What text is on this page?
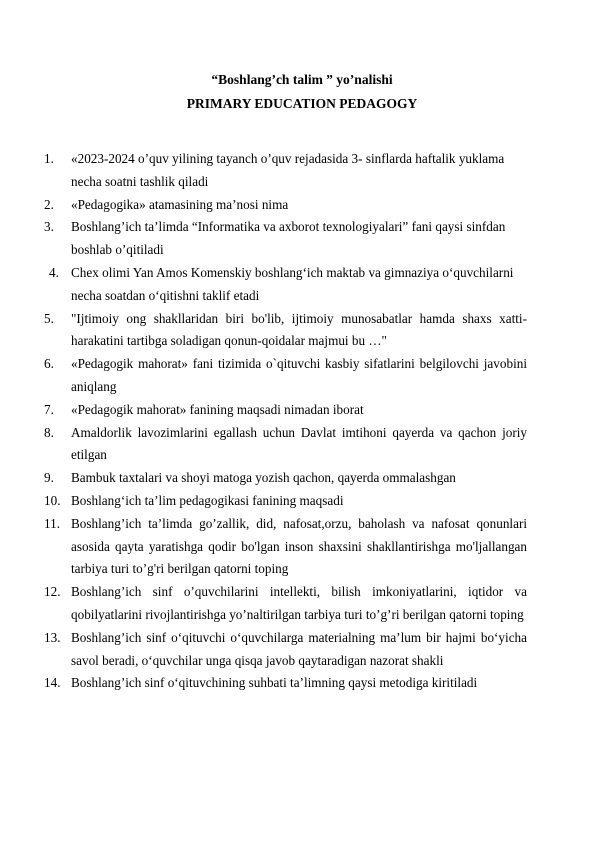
“Boshlang’ch talim ” yo’nalishi
PRIMARY EDUCATION PEDAGOGY
1. «2023-2024 o’quv yilining tayanch o’quv rejadasida 3- sinflarda haftalik yuklama necha soatni tashlik qiladi
2. «Pedagogika» atamasining ma’nosi nima
3. Boshlang’ich ta’limda “Informatika va axborot texnologiyalari” fani qaysi sinfdan boshlab o’qitiladi
4. Chex olimi Yan Amos Komenskiy boshlang‘ich maktab va gimnaziya o‘quvchilarni necha soatdan o‘qitishni taklif etadi
5. "Ijtimoiy ong shakllaridan biri bo'lib, ijtimoiy munosabatlar hamda shaxs xatti-harakatini tartibga soladigan qonun-qoidalar majmui bu …"
6. «Pedagogik mahorat» fani tizimida o`qituvchi kasbiy sifatlarini belgilovchi javobini aniqlang
7. «Pedagogik mahorat» fanining maqsadi nimadan iborat
8. Amaldorlik lavozimlarini egallash uchun Davlat imtihoni qayerda va qachon joriy etilgan
9. Bambuk taxtalari va shoyi matoga yozish qachon, qayerda ommalashgan
10. Boshlang‘ich ta’lim pedagogikasi fanining maqsadi
11. Boshlang’ich ta’limda go’zallik, did, nafosat,orzu, baholash va nafosat qonunlari asosida qayta yaratishga qodir bo'lgan inson shaxsini shakllantirishga mo'ljallangan tarbiya turi to’g'ri berilgan qatorni toping
12. Boshlang’ich sinf o’quvchilarini intellekti, bilish imkoniyatlarini, iqtidor va qobilyatlarini rivojlantirishga yo’naltirilgan tarbiya turi to’g’ri berilgan qatorni toping
13. Boshlang’ich sinf o‘qituvchi o‘quvchilarga materialning ma’lum bir hajmi bo‘yicha savol beradi, o‘quvchilar unga qisqa javob qaytaradigan nazorat shakli
14. Boshlang’ich sinf o‘qituvchining suhbati ta’limning qaysi metodiga kiritiladi
